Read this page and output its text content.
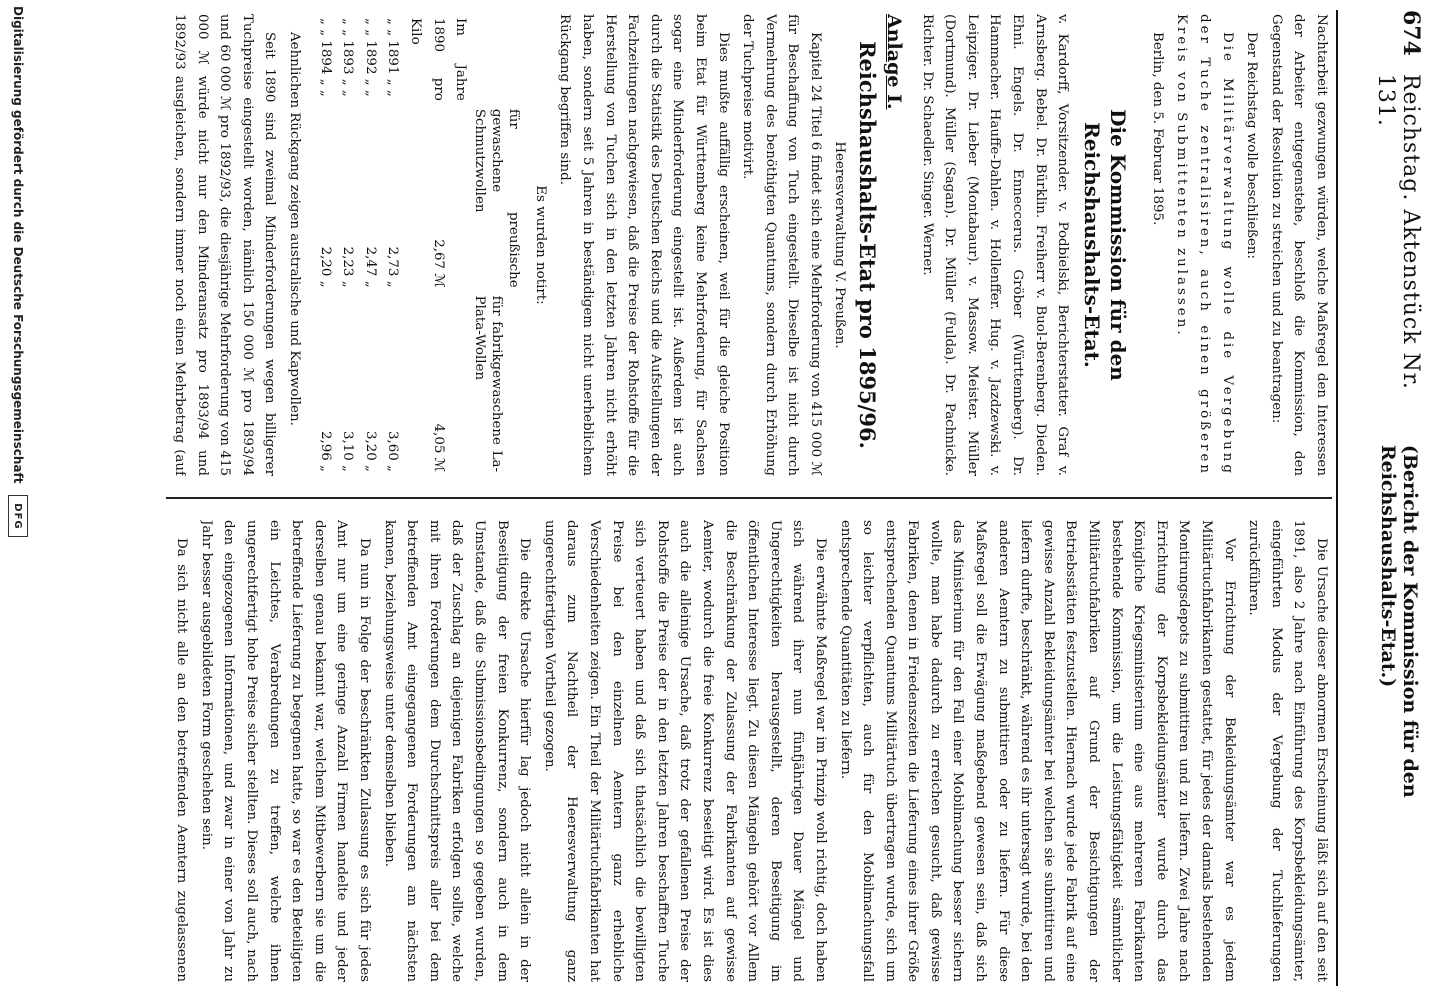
674
Reichstag. Aktenstück Nr. 131.
(Bericht der Kommission für den Reichshaushalts-Etat.)

Nachtarbeit gezwungen würden, welche Maßregel den Interessen der Arbeiter entgegenstehe, beschloß die Kommission, den Gegenstand der Resolution zu streichen und zu beantragen:

Der Reichstag wolle beschließen:

Die Militärverwaltung wolle die Vergebung der Tuche zentralisiren, auch einen größeren Kreis von Submittenten zulassen.

Berlin, den 5. Februar 1895.

Die Kommission für den Reichshaushalts-Etat.

v. Kardorff, Vorsitzender. v. Podbielski, Berichterstatter. Graf v. Arnsberg. Bebel. Dr. Bürklin. Freiherr v. Buol-Berenberg. Dieden. Ehni. Engels. Dr. Enneccerus. Gröber (Württemberg). Dr. Hammacher. Hauffe-Dahlen. v. Hollenffer. Hug. v. Jazdzewski. v. Leipziger. Dr. Lieber (Montabaur). v. Massow. Meister. Müller (Dortmund). Müller (Sagan). Dr. Müller (Fulda). Dr. Pachnicke. Richter. Dr. Schaedler. Singer. Werner.

Anlage I.
Reichshaushalts-Etat pro 1895/96.

Heeresverwaltung V. Preußen.

Kapitel 24 Titel 6 findet sich eine Mehrforderung von 415 000 ℳ für Beschaffung von Tuch eingestellt. Dieselbe ist nicht durch Vermehrung des benöthigten Quantums, sondern durch Erhöhung der Tuchpreise motivirt.

Dies mußte auffällig erscheinen, weil für die gleiche Position beim Etat für Württemberg keine Mehrforderung, für Sachsen sogar eine Minderforderung eingestellt ist. Außerdem ist auch durch die Statistik des Deutschen Reichs und die Aufstellungen der Fachzeitungen nachgewiesen, daß die Preise der Rohstoffe für die Herstellung von Tuchen sich in den letzten Jahren nicht erhöht haben, sondern seit 5 Jahren in beständigem nicht unerheblichem Rückgang begriffen sind.

Es wurden notirt:

	für preußische gewaschene Schmutzwollen	für fabrikgewaschene La-Plata-Wollen
Im Jahre 1890 pro Kilo	2,67 ℳ	4,05 ℳ
„ „ 1891 „ „	2,73 „	3,60 „
„ „ 1892 „ „	2,47 „	3,20 „
„ „ 1893 „ „	2,23 „	3,10 „
„ „ 1894 „ „	2,20 „	2,96 „

Aehnlichen Rückgang zeigen australische und Kapwollen.

Seit 1890 sind zweimal Minderforderungen wegen billigerer Tuchpreise eingestellt worden, nämlich 150 000 ℳ pro 1893/94 und 60 000 ℳ pro 1892/93, die diesjährige Mehrforderung von 415 000 ℳ würde nicht nur den Minderansatz pro 1893/94 und 1892/93 ausgleichen, sondern immer noch einen Mehrbetrag (auf

Die Ursache dieser abnormen Erscheinung läßt sich auf den seit 1891, also 2 Jahre nach Einführung des Korpsbekleidungsämter, eingeführten Modus der Vergebung der Tuchlieferungen zurückführen.

Vor Errichtung der Bekleidungsämter war es jedem Militärtuchfabrikanten gestattet, für jedes der damals bestehenden Montirungsdepots zu submittiren und zu liefern. Zwei Jahre nach Errichtung der Korpsbekleidungsämter wurde durch das Königliche Kriegsministerium eine aus mehreren Fabrikanten bestehende Kommission, um die Leistungsfähigkeit sämmtlicher Militärtuchfabriken auf Grund der Besichtigungen der Betriebsstätten festzustellen. Hiernach wurde jede Fabrik auf eine gewisse Anzahl Bekleidungsämter bei welchen sie submittiren und liefern durfte, beschränkt, während es ihr untersagt wurde, bei den anderen Aemtern zu submittiren oder zu liefern. Für diese Maßregel soll die Erwägung maßgebend gewesen sein, daß sich das Ministerium für den Fall einer Mobilmachung besser sichern wollte, man habe dadurch zu erreichen gesucht, daß gewisse Fabriken, denen in Friedenszeiten die Lieferung eines ihrer Größe entsprechenden Quantums Militärtuch übertragen wurde, sich um so leichter verpflichten, auch für den Mobilmachungsfall entsprechende Quantitäten zu liefern.

Die erwähnte Maßregel war im Prinzip wohl richtig, doch haben sich während ihrer nun fünfjährigen Dauer Mängel und Ungerechtigkeiten herausgestellt, deren Beseitigung im öffentlichen Interesse liegt. Zu diesen Mängeln gehört vor Allem die Beschränkung der Zulassung der Fabrikanten auf gewisse Aemter, wodurch die freie Konkurrenz beseitigt wird. Es ist dies auch die alleinige Ursache, daß trotz der gefallenen Preise der Rohstoffe die Preise der in den letzten Jahren beschafften Tuche sich verteuert haben und daß sich thatsächlich die bewilligten Preise bei den einzelnen Aemtern ganz erhebliche Verschiedenheiten zeigen. Ein Theil der Militärtuchfabrikanten hat daraus zum Nachtheil der Heeresverwaltung ganz ungerechtfertigten Vortheil gezogen.

Die direkte Ursache hierfür lag jedoch nicht allein in der Beseitigung der freien Konkurrenz, sondern auch in dem Umstande, daß die Submissionsbedingungen so gegeben wurden, daß der Zuschlag an diejenigen Fabriken erfolgen sollte, welche mit ihren Forderungen dem Durchschnittspreis aller bei dem betreffenden Amt eingegangenen Forderungen am nächsten kamen, beziehungsweise unter demselben blieben.

Da nun in Folge der beschränkten Zulassung es sich für jedes Amt nur um eine geringe Anzahl Firmen handelte und jeder derselben genau bekannt war, welchem Mitbewerbern sie um die betreffende Lieferung zu begegnen hatte, so war es den Beteiligten ein Leichtes, Verabredungen zu treffen, welche ihnen ungerechtfertigt hohe Preise sicher stellten. Dieses soll auch, nach den eingezogenen Informationen, und zwar in einer von Jahr zu Jahr besser ausgebildeten Form geschehen sein.

Da sich nicht alle an den betreffenden Aemtern zugelassenen

Digitalisierung gefördert durch die Deutsche Forschungsgemeinschaft
DFG
